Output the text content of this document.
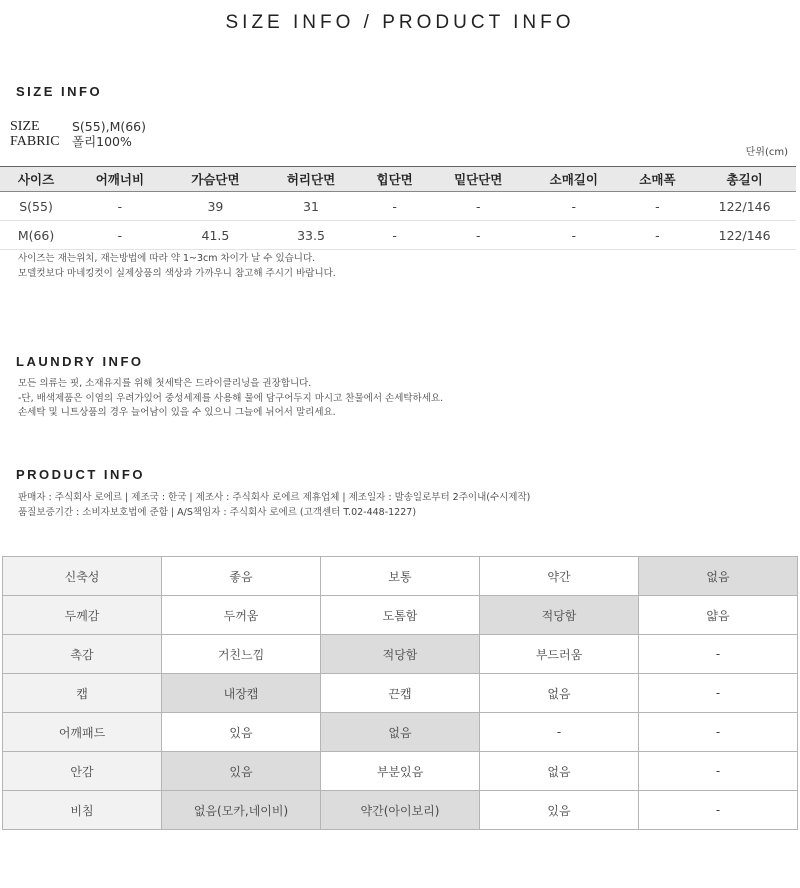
SIZE INFO / PRODUCT INFO
SIZE INFO
SIZE	S(55),M(66)
FABRIC 폴리100%
단위(cm)
사이즈	어깨너비	가슴단면	허리단면	힙단면	밑단단면	소매길이	소매폭	총길이
S(55)	-	39	31	-	-	-	-	122/146
M(66)	-	41.5	33.5	-	-	-	-	122/146
사이즈는 재는위치, 재는방법에 따라 약 1~3cm 차이가 날 수 있습니다.
모델컷보다 마네킹컷이 실제상품의 색상과 가까우니 참고해 주시기 바랍니다.
LAUNDRY INFO
모든 의류는 핏, 소재유지를 위해 첫세탁은 드라이클리닝을 권장합니다.
-단, 배색제품은 이염의 우려가있어 중성세제를 사용해 물에 담구어두지 마시고 찬물에서 손세탁하세요.
손세탁 및 니트상품의 경우 늘어남이 있을 수 있으니 그늘에 뉘어서 말리세요.
PRODUCT INFO
판매자 : 주식회사 로에르 | 제조국 : 한국 | 제조사 : 주식회사 로에르 제휴업체 | 제조일자 : 발송일로부터 2주이내(수시제작)
품질보증기간 : 소비자보호법에 준함 | A/S책임자 : 주식회사 로에르 (고객센터 T.02-448-1227)
신축성	좋음	보통	약간	없음
두께감	두꺼움	도톰함	적당함	얇음
촉감	거친느낌	적당함	부드러움	-
캡	내장캡	끈캡	없음	-
어깨패드	있음	없음	-	-
안감	있음	부분있음	없음	-
비침	없음(모카,네이비)	약간(아이보리)	있음	-
